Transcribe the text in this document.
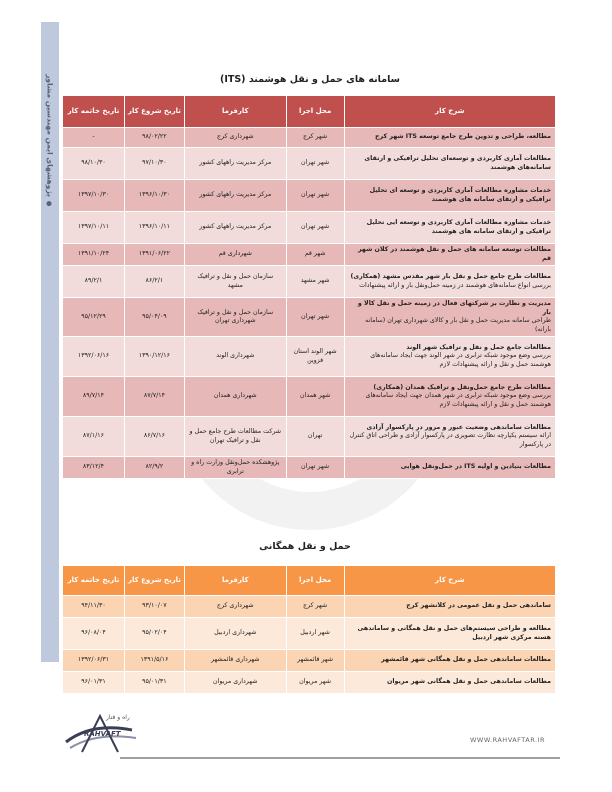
پژوهشهای ایمن مهندسین مشاور	سامانه های حمل و نقل هوشمند (ITS)
شرح کار	محل اجرا	کارفرما	تاریخ شروع کار	تاریخ خاتمه کار

مطالعه، طراحی و تدوین طرح جامع توسعه ITS شهر کرج	شهر کرج	شهرداری کرج	۹۸/۰۲/۲۲	-

مطالعات آماری کاربردی و توسعه‌ای تحلیل ترافیکی و ارتقای سامانه‌های هوشمند	شهر تهران	مرکز مدیریت راههای کشور	۹۷/۱۰/۳۰	۹۸/۱۰/۳۰

خدمات مشاوره مطالعات آماری کاربردی و توسعه ای تحلیل ترافیکی و ارتقای سامانه های هوشمند	شهر تهران	مرکز مدیریت راههای کشور	۱۳۹۶/۱۰/۳۰	۱۳۹۷/۱۰/۳۰

خدمات مشاوره مطالعات آماری کاربردی و توسعه ایی تحلیل ترافیکی و ارتقای سامانه های هوشمند	شهر تهران	مرکز مدیریت راههای کشور	۱۳۹۶/۱۰/۱۱	۱۳۹۷/۱۰/۱۱

مطالعات توسعه سامانه های حمل و نقل هوشمند در کلان شهر قم	شهر قم	شهرداری قم	۱۳۹۱/۰۶/۲۲	۱۳۹۱/۱۰/۲۴

مطالعات طرح جامع حمل و نقل بار شهر مقدس مشهد (همکاری)
بررسی انواع سامانه‌های هوشمند در زمینه حمل‌ونقل بار و ارائه پیشنهادات	شهر مشهد	سازمان حمل و نقل و ترافیک مشهد	۸۶/۲/۱	۸۹/۲/۱

مدیریت و نظارت بر شرکتهای فعال در زمینه حمل و نقل کالا و بار
طراحی سامانه مدیریت حمل و نقل بار و کالای شهرداری تهران (سامانه بارانه)	شهر تهران	سازمان حمل و نقل و ترافیک شهرداری تهران	۹۵/۰۴/۰۹	۹۵/۱۲/۲۹

مطالعات جامع حمل و نقل و ترافیک شهر الوند
بررسی وضع موجود شبکه ترابری در شهر الوند جهت ایجاد سامانه‌های هوشمند حمل و نقل و ارائه پیشنهادات لازم	شهر الوند استان قزوین	شهرداری الوند	۱۳۹۰/۱۲/۱۶	۱۳۹۲/۰۶/۱۶

مطالعات طرح جامع حمل‌ونقل و ترافیک همدان (همکاری)
بررسی وضع موجود شبکه ترابری در شهر همدان جهت ایجاد سامانه‌های هوشمند حمل و نقل و ارائه پیشنهادات لازم	شهر همدان	شهرداری همدان	۸۷/۷/۱۴	۸۹/۷/۱۴

مطالعات ساماندهی وضعیت عبور و مرور در پارکسوار آزادی
ارائه سیستم یکپارچه نظارت تصویری در پارکسوار آزادی و طراحی اتاق کنترل در پارکسوار	تهران	شرکت مطالعات طرح جامع حمل و نقل و ترافیک تهران	۸۶/۷/۱۶	۸۷/۱/۱۶

مطالعات بنیادین و اولیه ITS در حمل‌ونقل هوایی	شهر تهران	پژوهشکده حمل‌ونقل وزارت راه و ترابری	۸۲/۹/۲	۸۳/۱۲/۴
حمل و نقل همگانی
شرح کار	محل اجرا	کارفرما	تاریخ شروع کار	تاریخ خاتمه کار

ساماندهی حمل و نقل عمومی در کلانشهر کرج	شهر کرج	شهرداری کرج	۹۳/۱۰/۰۷	۹۴/۱۱/۳۰

مطالعه و طراحی سیستم‌های حمل و نقل همگانی و ساماندهی هسته مرکزی شهر اردبیل	شهر اردبیل	شهرداری اردبیل	۹۵/۰۲/۰۴	۹۶/۰۸/۰۴

مطالعات ساماندهی حمل و نقل همگانی شهر قائمشهر	شهر قائمشهر	شهرداری قائمشهر	۱۳۹۱/۵/۱۶	۱۳۹۲/۰۶/۳۱

مطالعات ساماندهی حمل و نقل همگانی شهر مریوان	شهر مریوان	شهرداری مریوان	۹۵/۰۱/۳۱	۹۶/۰۱/۳۱
RAHVAFT
راه و فتار
WWW.RAHVAFTAR.IR
